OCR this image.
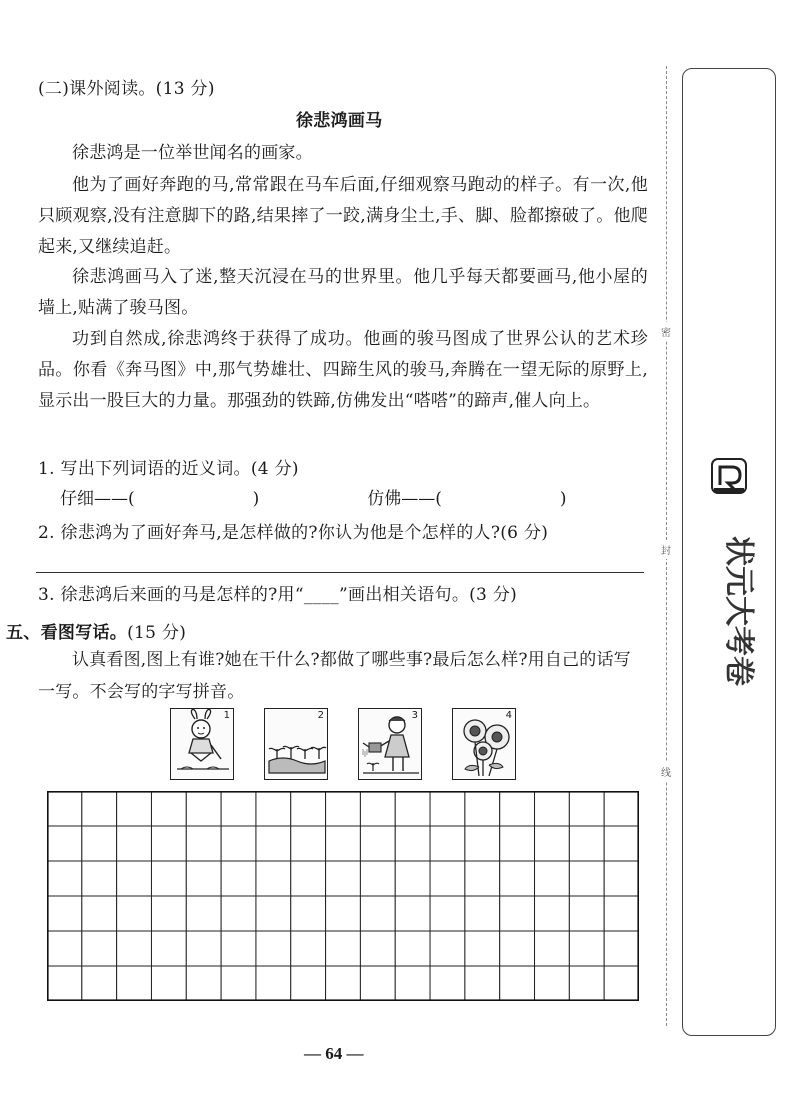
(二)课外阅读。(13 分)
徐悲鸿画马

徐悲鸿是一位举世闻名的画家。

他为了画好奔跑的马,常常跟在马车后面,仔细观察马跑动的样子。有一次,他只顾观察,没有注意脚下的路,结果摔了一跤,满身尘土,手、脚、脸都擦破了。他爬起来,又继续追赶。

徐悲鸿画马入了迷,整天沉浸在马的世界里。他几乎每天都要画马,他小屋的墙上,贴满了骏马图。

功到自然成,徐悲鸿终于获得了成功。他画的骏马图成了世界公认的艺术珍品。你看《奔马图》中,那气势雄壮、四蹄生风的骏马,奔腾在一望无际的原野上,显示出一股巨大的力量。那强劲的铁蹄,仿佛发出“嗒嗒”的蹄声,催人向上。

1. 写出下列词语的近义词。(4 分)
仔细——(	)	仿佛——(	)
2. 徐悲鸿为了画好奔马,是怎样做的?你认为他是个怎样的人?(6 分)
3. 徐悲鸿后来画的马是怎样的?用“____”画出相关语句。(3 分)
五、看图写话。(15 分)

认真看图,图上有谁?她在干什么?都做了哪些事?最后怎么样?用自己的话写一写。不会写的字写拼音。

1	2	3	4
— 64 —
密
封
线
状元大考卷
